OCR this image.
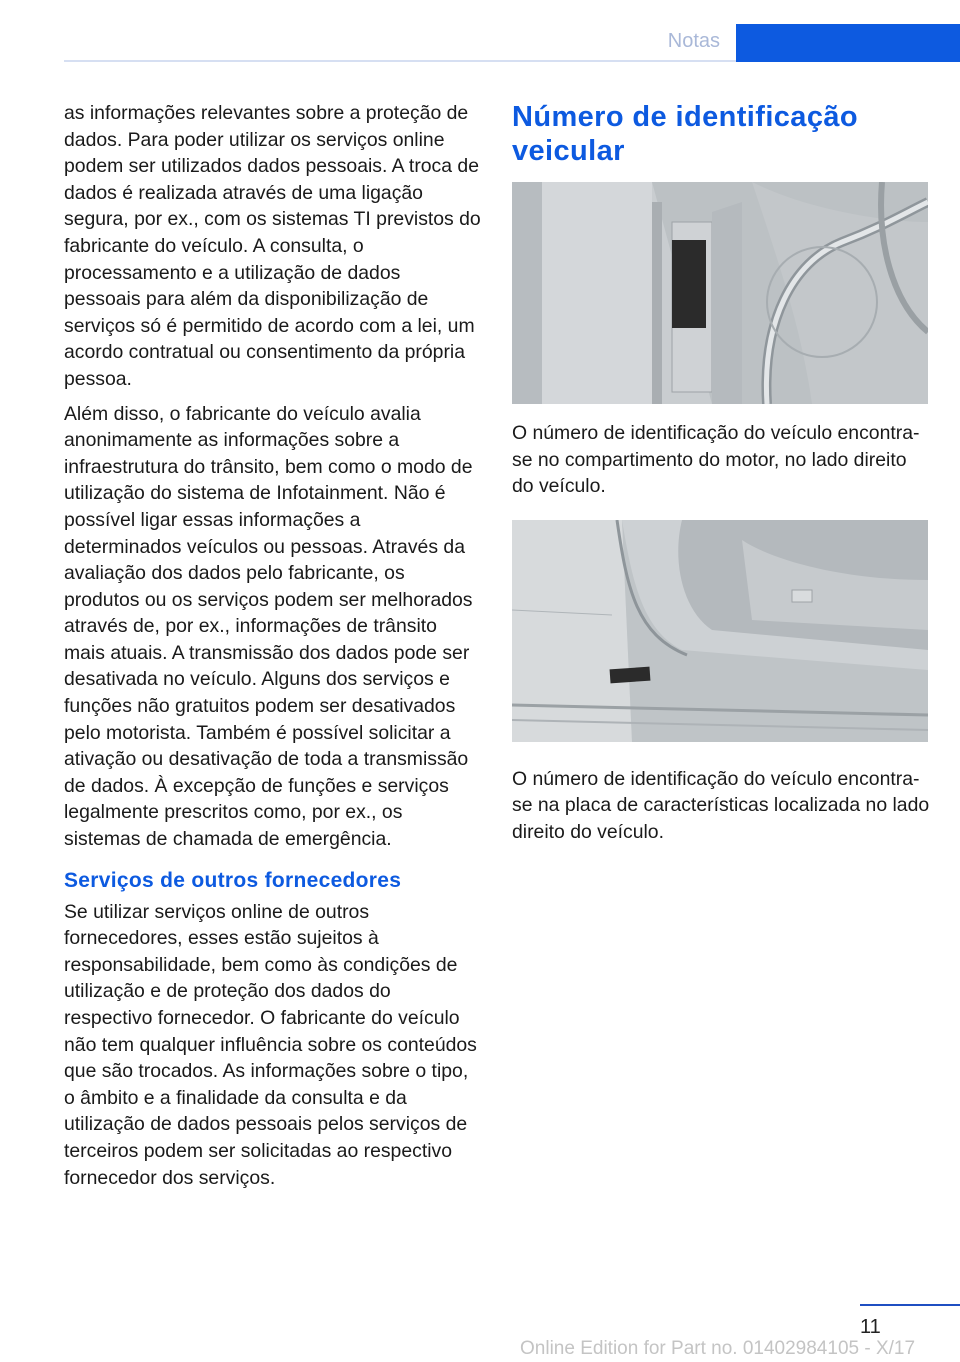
Notas

as informações relevantes sobre a proteção de dados. Para poder utilizar os serviços online podem ser utilizados dados pessoais. A troca de dados é realizada através de uma ligação segura, por ex., com os sistemas TI previstos do fabricante do veículo. A consulta, o processamento e a utilização de dados pessoais para além da disponibilização de serviços só é permitido de acordo com a lei, um acordo contratual ou consentimento da própria pessoa.

Além disso, o fabricante do veículo avalia anonimamente as informações sobre a infraestrutura do trânsito, bem como o modo de utilização do sistema de Infotainment. Não é possível ligar essas informações a determinados veículos ou pessoas. Através da avaliação dos dados pelo fabricante, os produtos ou os serviços podem ser melhorados através de, por ex., informações de trânsito mais atuais. A transmissão dos dados pode ser desativada no veículo. Alguns dos serviços e funções não gratuitos podem ser desativados pelo motorista. Também é possível solicitar a ativação ou desativação de toda a transmissão de dados. À excepção de funções e serviços legalmente prescritos como, por ex., os sistemas de chamada de emergência.

Serviços de outros fornecedores

Se utilizar serviços online de outros fornecedores, esses estão sujeitos à responsabilidade, bem como às condições de utilização e de proteção dos dados do respectivo fornecedor. O fabricante do veículo não tem qualquer influência sobre os conteúdos que são trocados. As informações sobre o tipo, o âmbito e a finalidade da consulta e da utilização de dados pessoais pelos serviços de terceiros podem ser solicitadas ao respectivo fornecedor dos serviços.

Número de identificação veicular

O número de identificação do veículo encontra-se no compartimento do motor, no lado direito do veículo.

O número de identificação do veículo encontra-se na placa de características localizada no lado direito do veículo.

11
Online Edition for Part no. 01402984105 - X/17
